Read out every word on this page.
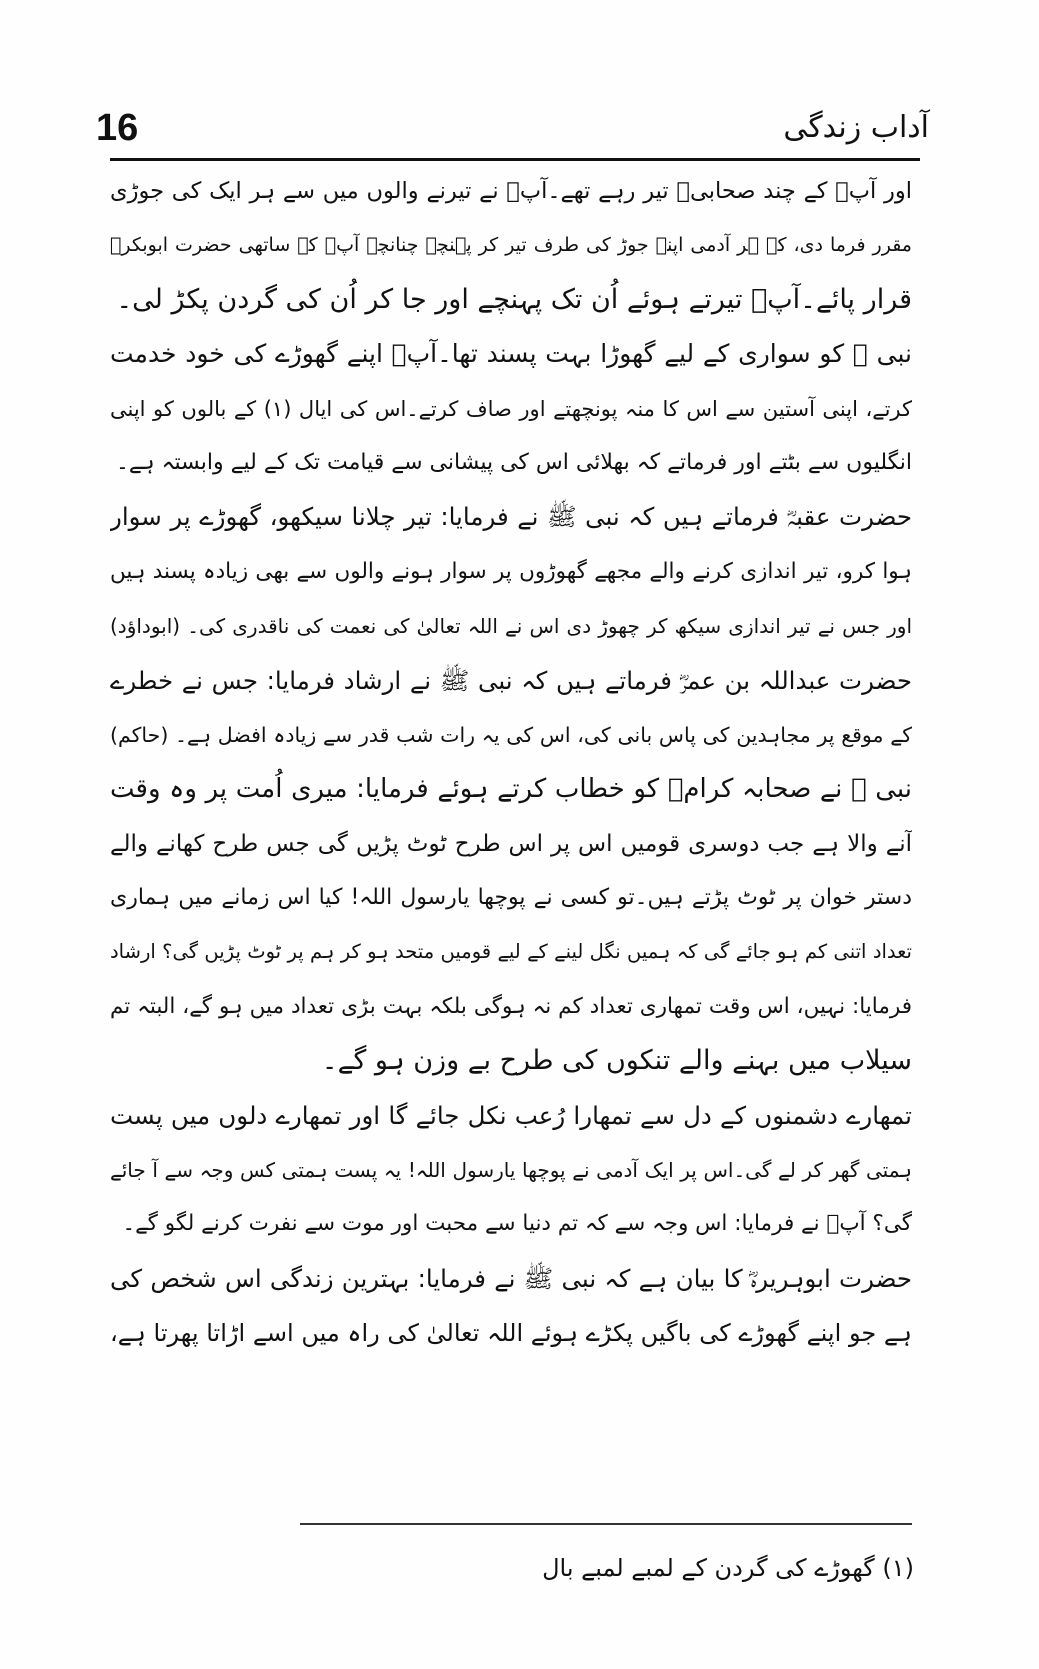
16	آداب زندگی
اور آپؐ کے چند صحابیؓ تیر رہے تھے۔آپؐ نے تیرنے والوں میں سے ہر ایک کی جوڑی
مقرر فرما دی، کہ ہر آدمی اپنے جوڑ کی طرف تیر کر پہنچے چنانچہ آپؐ کے ساتھی حضرت ابوبکرؓ
قرار پائے۔آپؐ تیرتے ہوئے اُن تک پہنچے اور جا کر اُن کی گردن پکڑ لی۔
نبی ﷺ کو سواری کے لیے گھوڑا بہت پسند تھا۔آپؐ اپنے گھوڑے کی خود خدمت
کرتے، اپنی آستین سے اس کا منہ پونچھتے اور صاف کرتے۔اس کی ایال (۱) کے بالوں کو اپنی
انگلیوں سے بٹتے اور فرماتے کہ بھلائی اس کی پیشانی سے قیامت تک کے لیے وابستہ ہے۔
حضرت عقبہؓ فرماتے ہیں کہ نبی ﷺ نے فرمایا: تیر چلانا سیکھو، گھوڑے پر سوار
ہوا کرو، تیر اندازی کرنے والے مجھے گھوڑوں پر سوار ہونے والوں سے بھی زیادہ پسند ہیں
اور جس نے تیر اندازی سیکھ کر چھوڑ دی اس نے اللہ تعالیٰ کی نعمت کی ناقدری کی۔ (ابوداؤد)
حضرت عبداللہ بن عمرؓ فرماتے ہیں کہ نبی ﷺ نے ارشاد فرمایا: جس نے خطرے
کے موقع پر مجاہدین کی پاس بانی کی، اس کی یہ رات شب قدر سے زیادہ افضل ہے۔ (حاکم)
نبی ﷺ نے صحابہ کرامؓ کو خطاب کرتے ہوئے فرمایا: میری اُمت پر وہ وقت
آنے والا ہے جب دوسری قومیں اس پر اس طرح ٹوٹ پڑیں گی جس طرح کھانے والے
دستر خوان پر ٹوٹ پڑتے ہیں۔تو کسی نے پوچھا یارسول اللہ! کیا اس زمانے میں ہماری
تعداد اتنی کم ہو جائے گی کہ ہمیں نگل لینے کے لیے قومیں متحد ہو کر ہم پر ٹوٹ پڑیں گی؟ ارشاد
فرمایا: نہیں، اس وقت تمھاری تعداد کم نہ ہوگی بلکہ بہت بڑی تعداد میں ہو گے، البتہ تم
سیلاب میں بہنے والے تنکوں کی طرح بے وزن ہو گے۔
تمھارے دشمنوں کے دل سے تمھارا رُعب نکل جائے گا اور تمھارے دلوں میں پست
ہمتی گھر کر لے گی۔اس پر ایک آدمی نے پوچھا یارسول اللہ! یہ پست ہمتی کس وجہ سے آ جائے
گی؟ آپؐ نے فرمایا: اس وجہ سے کہ تم دنیا سے محبت اور موت سے نفرت کرنے لگو گے۔
حضرت ابوہریرہؓ کا بیان ہے کہ نبی ﷺ نے فرمایا: بہترین زندگی اس شخص کی
ہے جو اپنے گھوڑے کی باگیں پکڑے ہوئے اللہ تعالیٰ کی راہ میں اسے اڑاتا پھرتا ہے،
(۱) گھوڑے کی گردن کے لمبے لمبے بال
